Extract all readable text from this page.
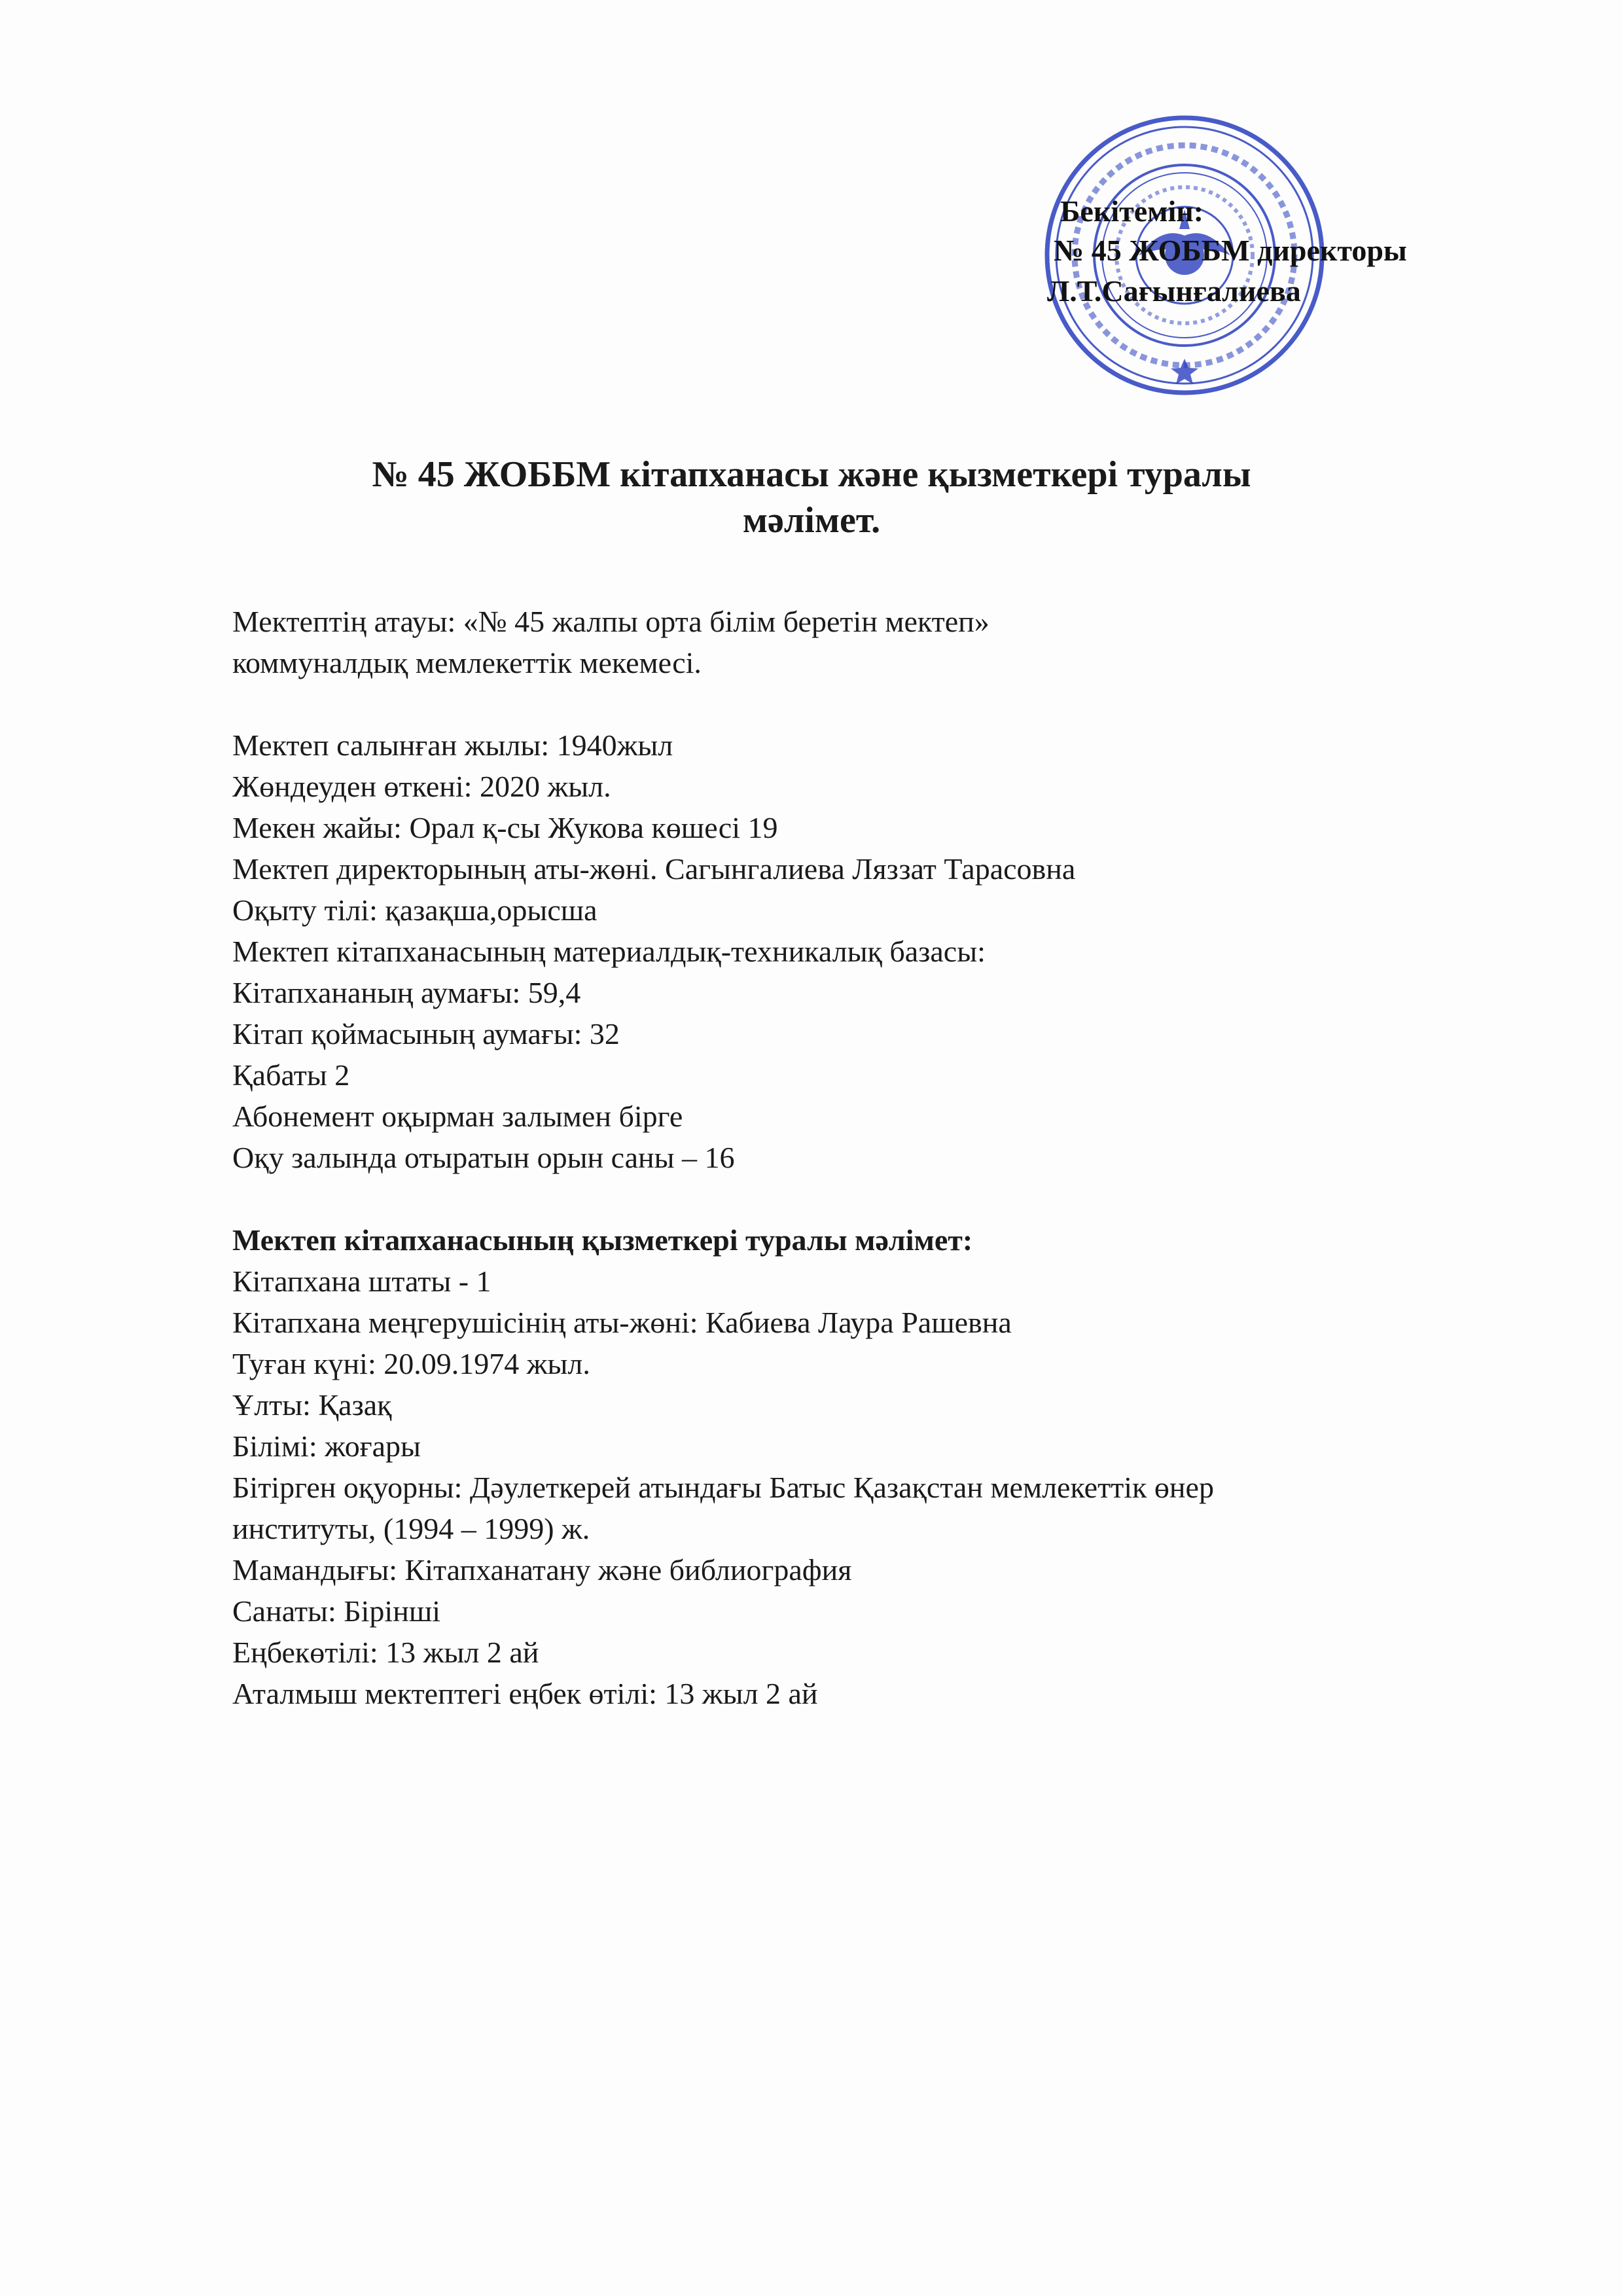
Бекітемін:
№ 45 ЖОББМ директоры
Л.Т.Сағынғалиева
№ 45 ЖОББМ кітапханасы және қызметкері туралы
мәлімет.
Мектептің атауы: «№ 45 жалпы орта білім беретін мектеп»
коммуналдық мемлекеттік мекемесі.
Мектеп салынған жылы: 1940жыл
Жөндеуден өткені: 2020 жыл.
Мекен жайы: Орал қ-сы Жукова көшесі 19
Мектеп директорының аты-жөні. Сагынгалиева Ляззат Тарасовна
Оқыту тілі: қазақша,орысша
Мектеп кітапханасының материалдық-техникалық базасы:
Кітапхананың аумағы: 59,4
Кітап қоймасының аумағы: 32
Қабаты 2
Абонемент оқырман залымен бірге
Оқу залында отыратын орын саны – 16
Мектеп кітапханасының қызметкері туралы мәлімет:
Кітапхана штаты - 1
Кітапхана меңгерушісінің аты-жөні: Кабиева Лаура Рашевна
Туған күні: 20.09.1974 жыл.
Ұлты: Қазақ
Білімі: жоғары
Бітірген оқуорны: Дәулеткерей атындағы Батыс Қазақстан мемлекеттік өнер
институты, (1994 – 1999) ж.
Мамандығы: Кітапханатану және библиография
Санаты: Бірінші
Еңбекөтілі: 13 жыл 2 ай
Аталмыш мектептегі еңбек өтілі: 13 жыл 2 ай
